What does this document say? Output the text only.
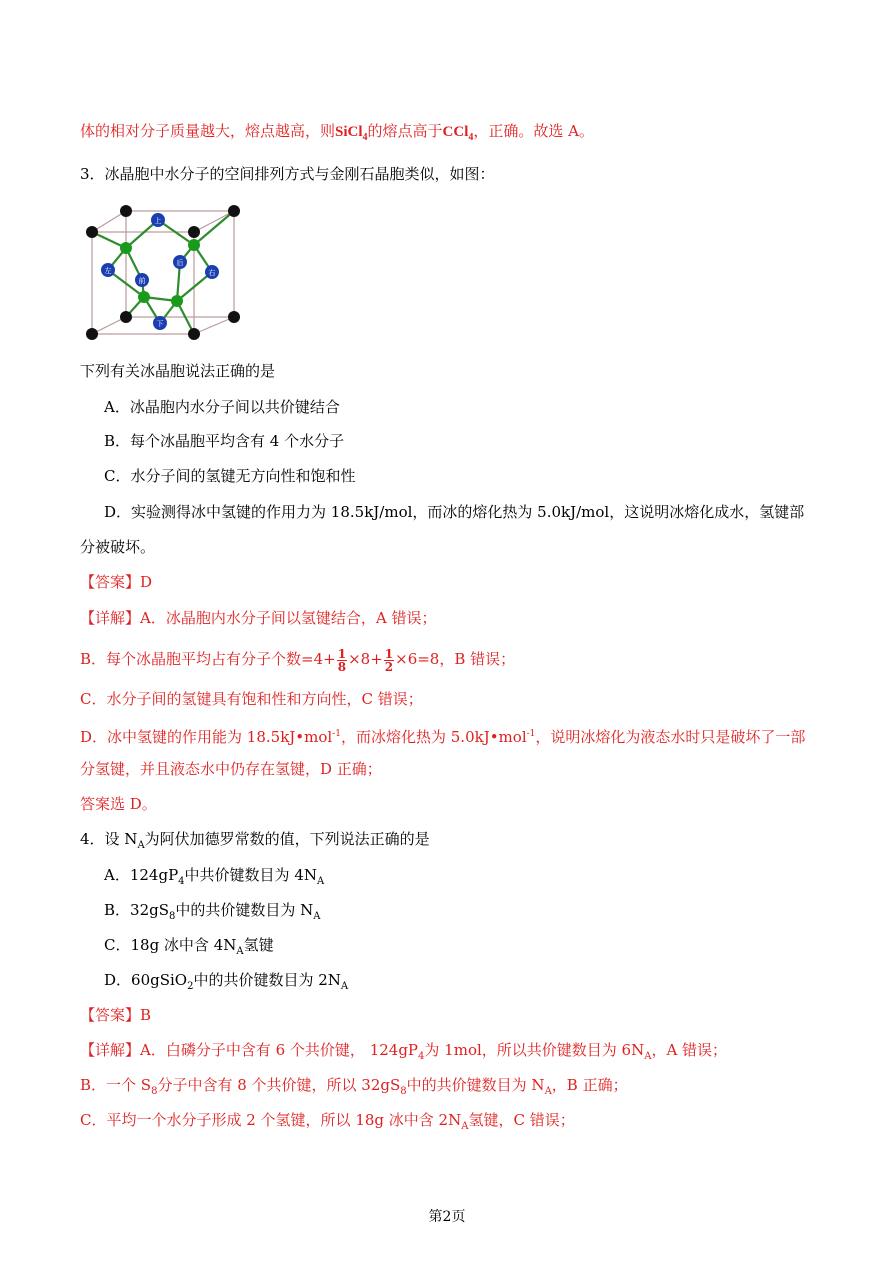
体的相对分子质量越大，熔点越高，则SiCl$_4$的熔点高于CCl$_4$，正确。故选 A。
3．冰晶胞中水分子的空间排列方式与金刚石晶胞类似，如图：
上
左
前
后
右
下
下列有关冰晶胞说法正确的是
A．冰晶胞内水分子间以共价键结合
B．每个冰晶胞平均含有 4 个水分子
C．水分子间的氢键无方向性和饱和性
D．实验测得冰中氢键的作用力为 18.5kJ/mol，而冰的熔化热为 5.0kJ/mol，这说明冰熔化成水，氢键部
分被破坏。
【答案】D
【详解】A．冰晶胞内水分子间以氢键结合，A 错误；
B．每个冰晶胞平均占有分子个数$=4+ \frac{1}{8} \times 8+ \frac{1}{2} \times 6=8$，B 错误；
C．水分子间的氢键具有饱和性和方向性，C 错误；
D．冰中氢键的作用能为 18.5kJ•mol$^{-1}$，而冰熔化热为 5.0kJ•mol$^{-1}$，说明冰熔化为液态水时只是破坏了一部
分氢键，并且液态水中仍存在氢键，D 正确；
答案选 D。
4．设 $N_A$为阿伏加德罗常数的值，下列说法正确的是
A．$124gP_4$中共价键数目为 $4N_A$
B．$32gS_8$中的共价键数目为 $N_A$
C．18g 冰中含 $4N_A$氢键
D．60gSiO$_2$中的共价键数目为 $2N_A$
【答案】B
【详解】A．白磷分子中含有 6 个共价键， $124gP_4$为 1mol，所以共价键数目为 $6N_A$，A 错误；
B．一个 $S_8$分子中含有 8 个共价键，所以 $32gS_8$中的共价键数目为 $N_A$，B 正确；
C．平均一个水分子形成 2 个氢键，所以 18g 冰中含 $2N_A$氢键，C 错误；
第2页
